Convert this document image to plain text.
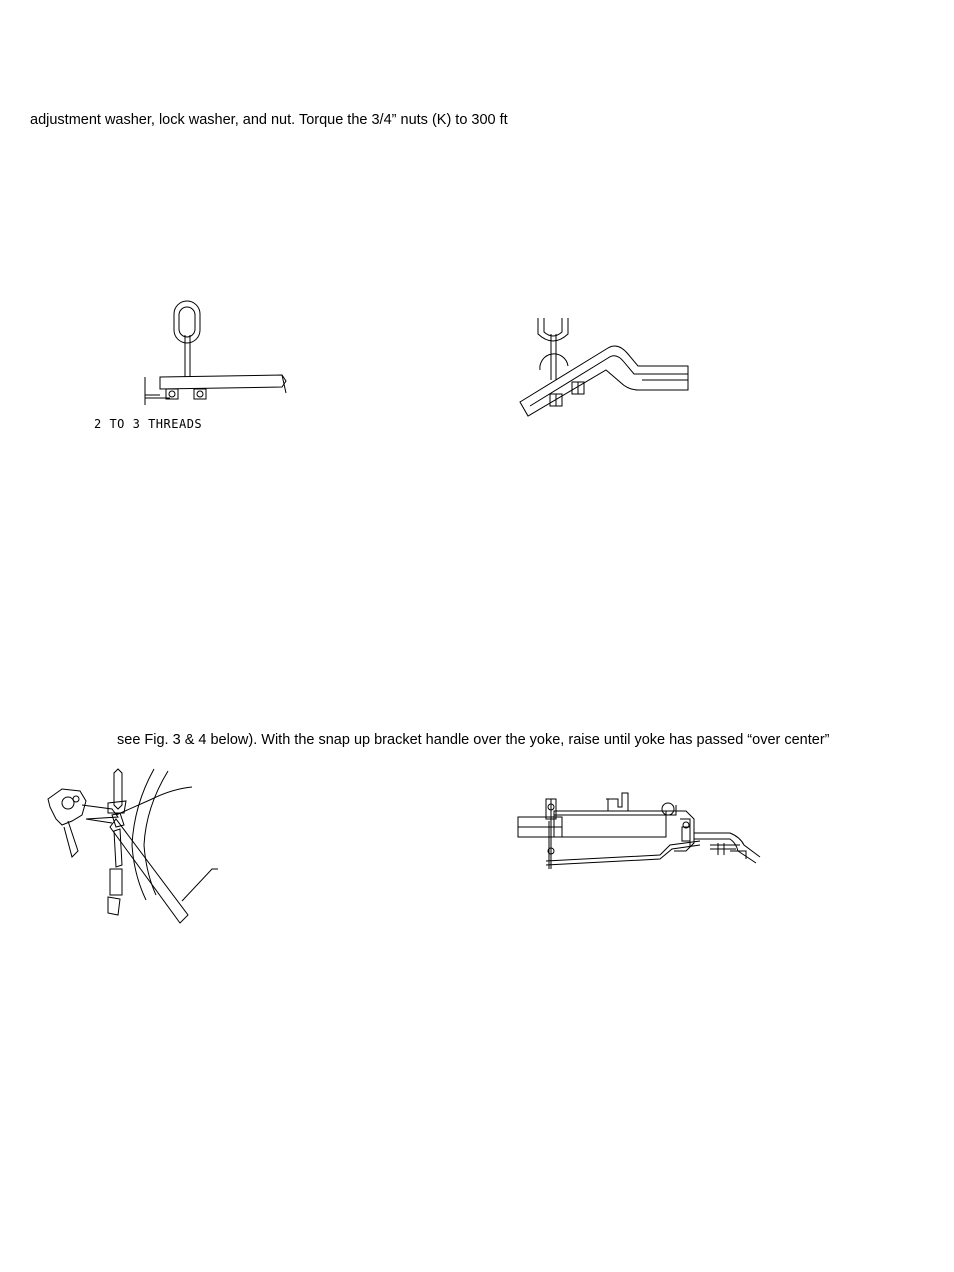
adjustment washer, lock washer, and nut. Torque the 3/4” nuts (K) to 300 ft
2 TO 3 THREADS
see Fig. 3 & 4 below). With the snap up bracket handle over the yoke, raise until yoke has passed “over center”
